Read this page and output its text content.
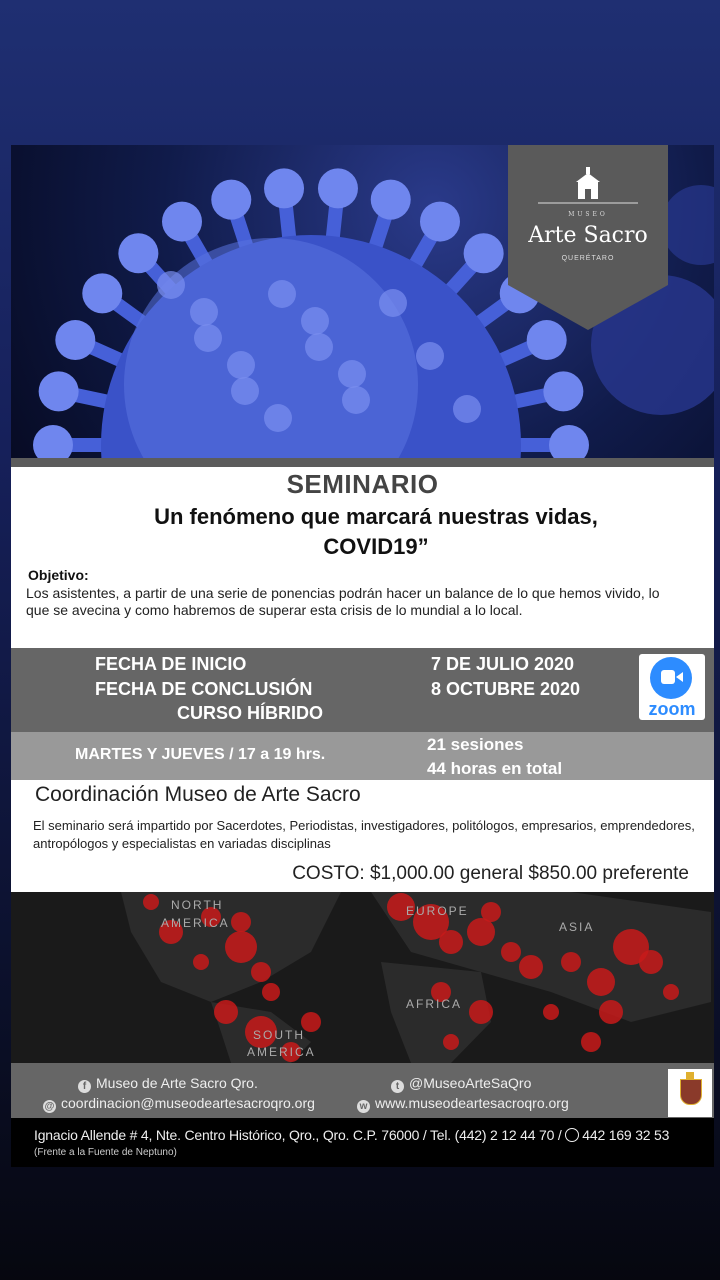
MUSEO
Arte Sacro
QUERÉTARO
SEMINARIO
Un fenómeno que marcará nuestras vidas, COVID19”
Objetivo:
Los asistentes, a partir de una serie de ponencias podrán hacer un balance de lo que hemos vivido, lo que se avecina y como habremos de superar esta crisis de lo mundial a lo local.
FECHA DE INICIO
FECHA DE CONCLUSIÓN
CURSO HÍBRIDO
7 DE JULIO 2020
8 OCTUBRE 2020
zoom
MARTES Y JUEVES / 17 a 19 hrs.
21 sesiones
44 horas en total
Coordinación Museo de Arte Sacro
El seminario será impartido por Sacerdotes, Periodistas, investigadores, politólogos, empresarios, emprendedores, antropólogos y especialistas en variadas disciplinas
COSTO: $1,000.00 general $850.00 preferente
NORTH
AMERICA
EUROPE
ASIA
AFRICA
SOUTH
AMERICA
f Museo de Arte Sacro Qro.
@ coordinacion@museodeartesacroqro.org
t @MuseoArteSaQro
w www.museodeartesacroqro.org
Ignacio Allende # 4, Nte. Centro Histórico, Qro., Qro. C.P. 76000 / Tel. (442) 2 12 44 70 / 442 169 32 53
(Frente a la Fuente de Neptuno)
